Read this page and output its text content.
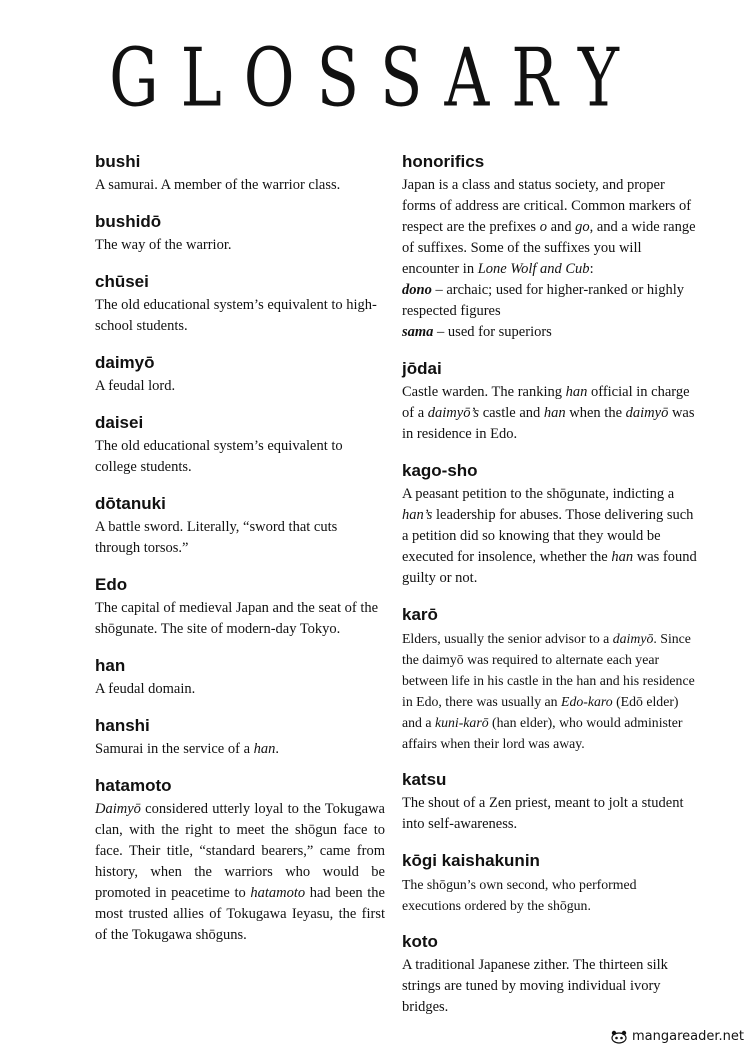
GLOSSARY

bushi

A samurai. A member of the warrior class.

bushidō

The way of the warrior.

chūsei

The old educational system’s equivalent to high-school students.

daimyō

A feudal lord.

daisei

The old educational system’s equivalent to college students.

dōtanuki

A battle sword. Literally, “sword that cuts through torsos.”

Edo

The capital of medieval Japan and the seat of the shōgunate. The site of modern-day Tokyo.

han

A feudal domain.

hanshi

Samurai in the service of a han.

hatamoto

Daimyō considered utterly loyal to the Tokugawa clan, with the right to meet the shōgun face to face. Their title, “standard bearers,” came from history, when the warriors who would be promoted in peacetime to hatamoto had been the most trusted allies of Tokugawa Ieyasu, the first of the Tokugawa shōguns.

honorifics

Japan is a class and status society, and proper forms of address are critical. Common markers of respect are the prefixes o and go, and a wide range of suffixes. Some of the suffixes you will encounter in Lone Wolf and Cub:
dono – archaic; used for higher-ranked or highly respected figures
sama – used for superiors

jōdai

Castle warden. The ranking han official in charge of a daimyō’s castle and han when the daimyō was in residence in Edo.

kago-sho

A peasant petition to the shōgunate, indicting a han’s leadership for abuses. Those delivering such a petition did so knowing that they would be executed for insolence, whether the han was found guilty or not.

karō

Elders, usually the senior advisor to a daimyō. Since the daimyō was required to alternate each year between life in his castle in the han and his residence in Edo, there was usually an Edo-karo (Edō elder) and a kuni-karō (han elder), who would administer affairs when their lord was away.

katsu

The shout of a Zen priest, meant to jolt a student into self-awareness.

kōgi kaishakunin

The shōgun’s own second, who performed executions ordered by the shōgun.

koto

A traditional Japanese zither. The thirteen silk strings are tuned by moving individual ivory bridges.

mangareader.net
